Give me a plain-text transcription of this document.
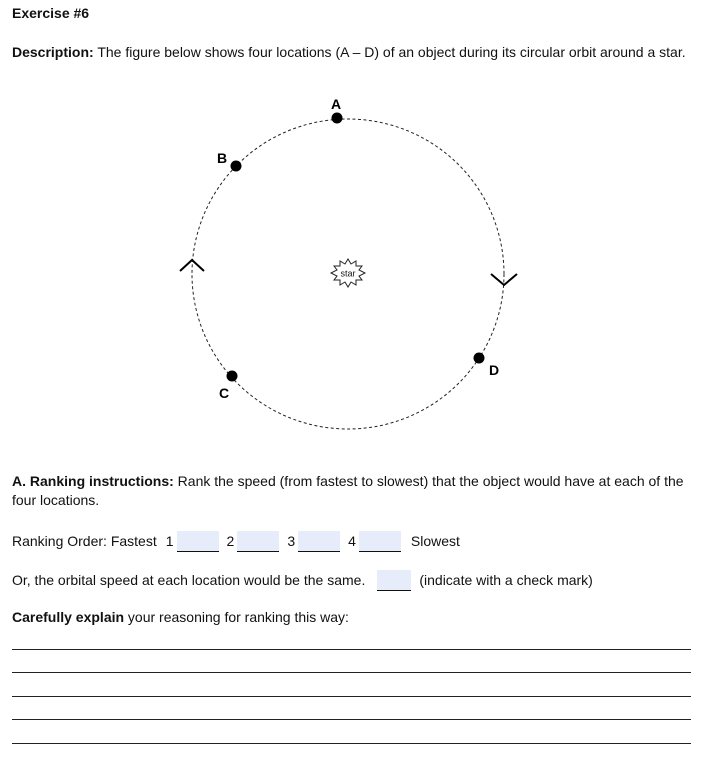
Exercise #6
Description: The figure below shows four locations (A – D) of an object during its circular orbit around a star.
star
A
B
C
D
A. Ranking instructions: Rank the speed (from fastest to slowest) that the object would have at each of the four locations.
Ranking Order: Fastest 1	2	3	4	Slowest
Or, the orbital speed at each location would be the same.	(indicate with a check mark)
Carefully explain your reasoning for ranking this way:
